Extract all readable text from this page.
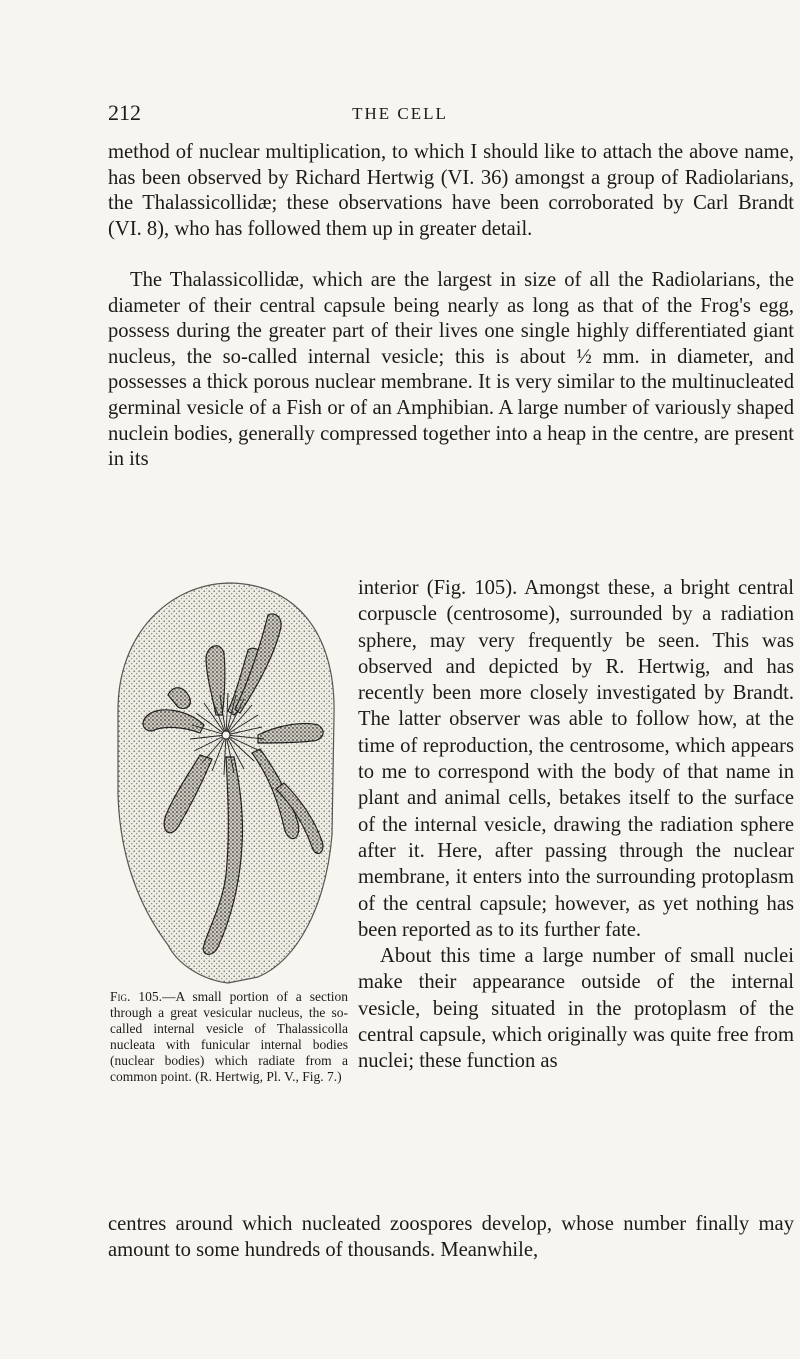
212	THE CELL

method of nuclear multiplication, to which I should like to attach the above name, has been observed by Richard Hertwig (VI. 36) amongst a group of Radiolarians, the Thalassicollidæ; these observations have been corroborated by Carl Brandt (VI. 8), who has followed them up in greater detail.

The Thalassicollidæ, which are the largest in size of all the Radiolarians, the diameter of their central capsule being nearly as long as that of the Frog's egg, possess during the greater part of their lives one single highly differentiated giant nucleus, the so-called internal vesicle; this is about ½ mm. in diameter, and possesses a thick porous nuclear membrane. It is very similar to the multinucleated germinal vesicle of a Fish or of an Amphibian. A large number of variously shaped nuclein bodies, generally compressed together into a heap in the centre, are present in its

Fig. 105.—A small portion of a section through a great vesicular nucleus, the so-called internal vesicle of Thalassicolla nucleata with funicular internal bodies (nuclear bodies) which radiate from a common point. (R. Hertwig, Pl. V., Fig. 7.)

interior (Fig. 105). Amongst these, a bright central corpuscle (centrosome), surrounded by a radiation sphere, may very frequently be seen. This was observed and depicted by R. Hertwig, and has recently been more closely investigated by Brandt. The latter observer was able to follow how, at the time of reproduction, the centrosome, which appears to me to correspond with the body of that name in plant and animal cells, betakes itself to the surface of the internal vesicle, drawing the radiation sphere after it. Here, after passing through the nuclear membrane, it enters into the surrounding protoplasm of the central capsule; however, as yet nothing has been reported as to its further fate.

About this time a large number of small nuclei make their appearance outside of the internal vesicle, being situated in the protoplasm of the central capsule, which originally was quite free from nuclei; these function as

centres around which nucleated zoospores develop, whose number finally may amount to some hundreds of thousands. Meanwhile,
